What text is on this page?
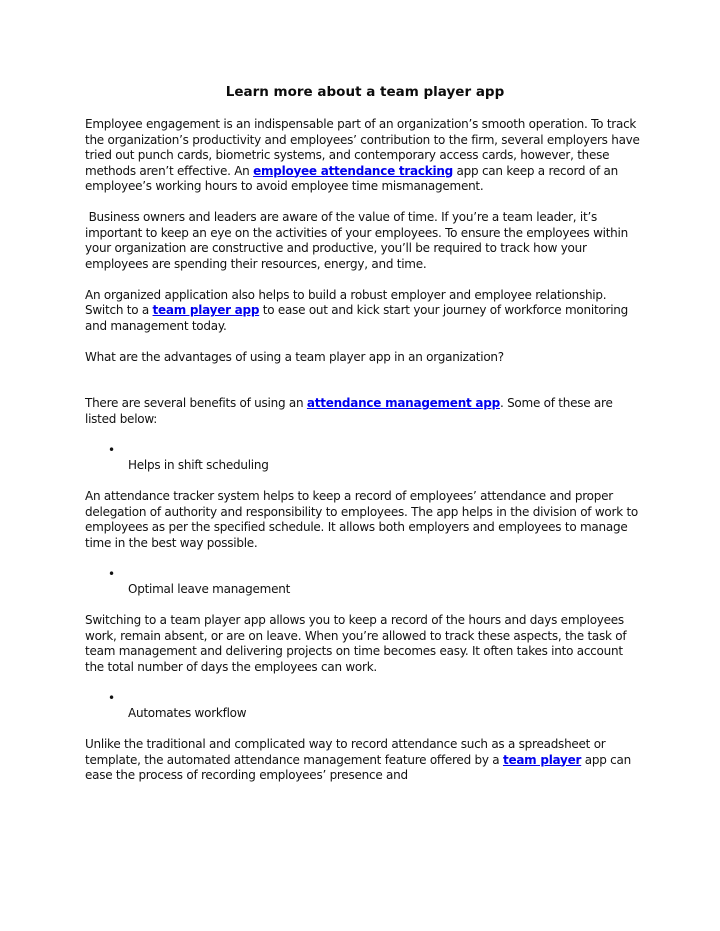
Learn more about a team player app

Employee engagement is an indispensable part of an organization’s smooth operation. To track the organization’s productivity and employees’ contribution to the firm, several employers have tried out punch cards, biometric systems, and contemporary access cards, however, these methods aren’t effective. An employee attendance tracking app can keep a record of an employee’s working hours to avoid employee time mismanagement.

Business owners and leaders are aware of the value of time. If you’re a team leader, it’s important to keep an eye on the activities of your employees. To ensure the employees within your organization are constructive and productive, you’ll be required to track how your employees are spending their resources, energy, and time.

An organized application also helps to build a robust employer and employee relationship. Switch to a team player app to ease out and kick start your journey of workforce monitoring and management today.

What are the advantages of using a team player app in an organization?

There are several benefits of using an attendance management app. Some of these are listed below:

•
Helps in shift scheduling

An attendance tracker system helps to keep a record of employees’ attendance and proper delegation of authority and responsibility to employees. The app helps in the division of work to employees as per the specified schedule. It allows both employers and employees to manage time in the best way possible.

•
Optimal leave management

Switching to a team player app allows you to keep a record of the hours and days employees work, remain absent, or are on leave. When you’re allowed to track these aspects, the task of team management and delivering projects on time becomes easy. It often takes into account the total number of days the employees can work.

•
Automates workflow

Unlike the traditional and complicated way to record attendance such as a spreadsheet or template, the automated attendance management feature offered by a team player app can ease the process of recording employees’ presence and
